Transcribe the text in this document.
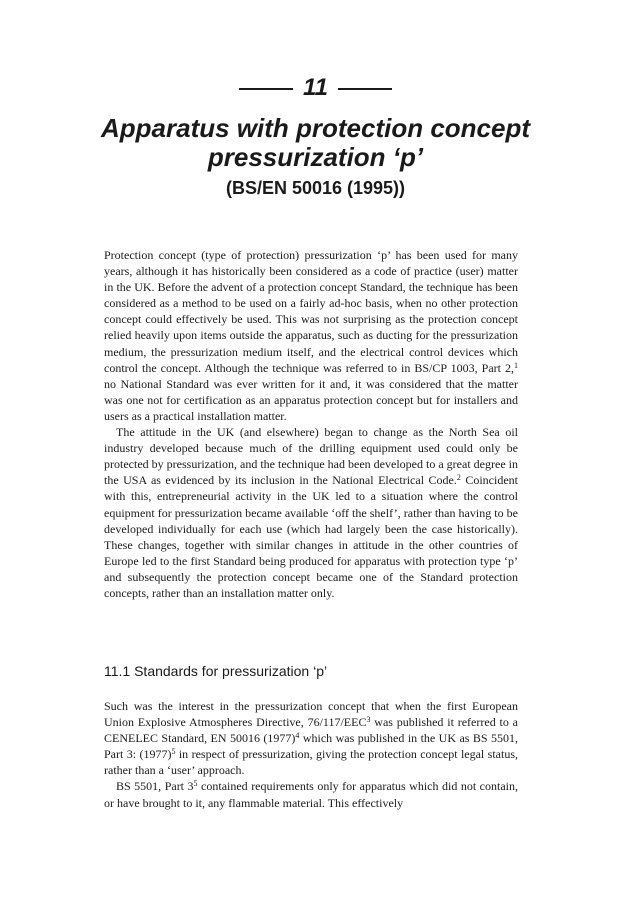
11
Apparatus with protection concept
pressurization ‘p’
(BS/EN 50016 (1995))

Protection concept (type of protection) pressurization ‘p’ has been used for many years, although it has historically been considered as a code of practice (user) matter in the UK. Before the advent of a protection concept Standard, the technique has been considered as a method to be used on a fairly ad-hoc basis, when no other protection concept could effectively be used. This was not surprising as the protection concept relied heavily upon items outside the apparatus, such as ducting for the pressurization medium, the pressurization medium itself, and the electrical control devices which control the concept. Although the technique was referred to in BS/CP 1003, Part 2,$^1$ no National Standard was ever written for it and, it was considered that the matter was one not for certification as an apparatus protection concept but for installers and users as a practical installation matter.

The attitude in the UK (and elsewhere) began to change as the North Sea oil industry developed because much of the drilling equipment used could only be protected by pressurization, and the technique had been developed to a great degree in the USA as evidenced by its inclusion in the National Electrical Code.$^2$ Coincident with this, entrepreneurial activity in the UK led to a situation where the control equipment for pressurization became available ‘off the shelf’, rather than having to be developed individually for each use (which had largely been the case historically). These changes, together with similar changes in attitude in the other countries of Europe led to the first Standard being produced for apparatus with protection type ‘p’ and subsequently the protection concept became one of the Standard protection concepts, rather than an installation matter only.

11.1 Standards for pressurization ‘p’

Such was the interest in the pressurization concept that when the first European Union Explosive Atmospheres Directive, 76/117/EEC$^3$ was published it referred to a CENELEC Standard, EN 50016 (1977)$^4$ which was published in the UK as BS 5501, Part 3: (1977)$^5$ in respect of pressurization, giving the protection concept legal status, rather than a ‘user’ approach.

BS 5501, Part 3$^5$ contained requirements only for apparatus which did not contain, or have brought to it, any flammable material. This effectively
